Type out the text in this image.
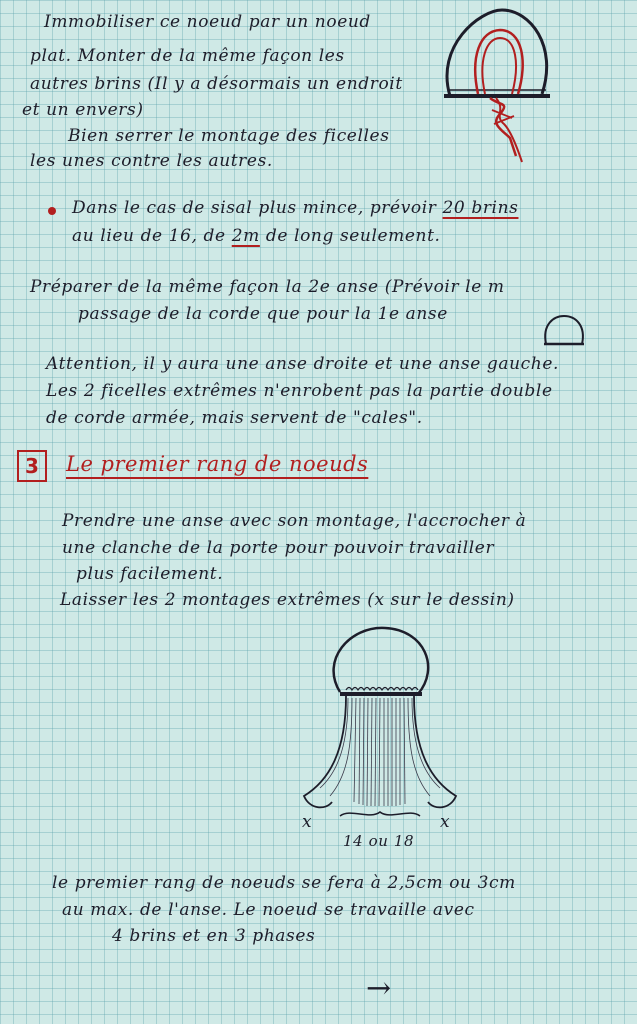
Immobiliser ce noeud par un noeud
plat. Monter de la même façon les
autres brins (Il y a désormais un endroit
et un envers)
Bien serrer le montage des ficelles
les unes contre les autres.
Dans le cas de sisal plus mince, prévoir 20 brins
au lieu de 16, de 2m de long seulement.
Préparer de la même façon la 2e anse (Prévoir le m
passage de la corde que pour la 1e anse
Attention, il y aura une anse droite et une anse gauche.
Les 2 ficelles extrêmes n'enrobent pas la partie double
de corde armée, mais servent de "cales".
3	Le premier rang de noeuds
Prendre une anse avec son montage, l'accrocher à
une clanche de la porte pour pouvoir travailler
plus facilement.
Laisser les 2 montages extrêmes (x sur le dessin)
x	x
14 ou 18
le premier rang de noeuds se fera à 2,5cm ou 3cm
au max. de l'anse. Le noeud se travaille avec
4 brins et en 3 phases
→
